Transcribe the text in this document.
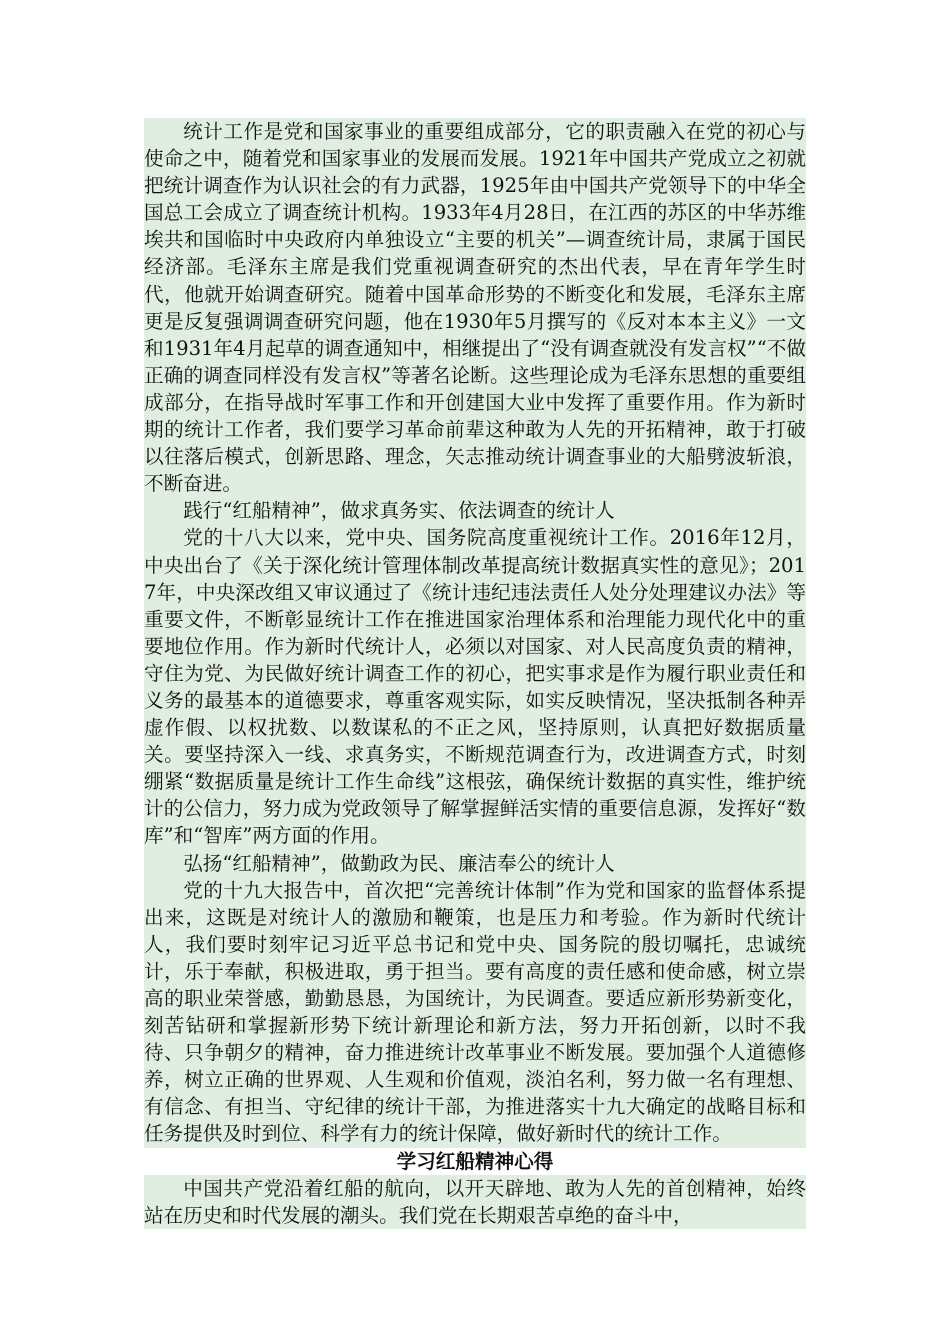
统计工作是党和国家事业的重要组成部分，它的职责融入在党的初心与使命之中，随着党和国家事业的发展而发展。1921年中国共产党成立之初就把统计调查作为认识社会的有力武器，1925年由中国共产党领导下的中华全国总工会成立了调查统计机构。1933年4月28日，在江西的苏区的中华苏维埃共和国临时中央政府内单独设立“主要的机关”—调查统计局，隶属于国民经济部。毛泽东主席是我们党重视调查研究的杰出代表，早在青年学生时代，他就开始调查研究。随着中国革命形势的不断变化和发展，毛泽东主席更是反复强调调查研究问题，他在1930年5月撰写的《反对本本主义》一文和1931年4月起草的调查通知中，相继提出了“没有调查就没有发言权”“不做正确的调查同样没有发言权”等著名论断。这些理论成为毛泽东思想的重要组成部分，在指导战时军事工作和开创建国大业中发挥了重要作用。作为新时期的统计工作者，我们要学习革命前辈这种敢为人先的开拓精神，敢于打破以往落后模式，创新思路、理念，矢志推动统计调查事业的大船劈波斩浪，不断奋进。

践行“红船精神”，做求真务实、依法调查的统计人

党的十八大以来，党中央、国务院高度重视统计工作。2016年12月，中央出台了《关于深化统计管理体制改革提高统计数据真实性的意见》；2017年，中央深改组又审议通过了《统计违纪违法责任人处分处理建议办法》等重要文件，不断彰显统计工作在推进国家治理体系和治理能力现代化中的重要地位作用。作为新时代统计人，必须以对国家、对人民高度负责的精神，守住为党、为民做好统计调查工作的初心，把实事求是作为履行职业责任和义务的最基本的道德要求，尊重客观实际，如实反映情况，坚决抵制各种弄虚作假、以权扰数、以数谋私的不正之风，坚持原则，认真把好数据质量关。要坚持深入一线、求真务实，不断规范调查行为，改进调查方式，时刻绷紧“数据质量是统计工作生命线”这根弦，确保统计数据的真实性，维护统计的公信力，努力成为党政领导了解掌握鲜活实情的重要信息源，发挥好“数库”和“智库”两方面的作用。

弘扬“红船精神”，做勤政为民、廉洁奉公的统计人

党的十九大报告中，首次把“完善统计体制”作为党和国家的监督体系提出来，这既是对统计人的激励和鞭策，也是压力和考验。作为新时代统计人，我们要时刻牢记习近平总书记和党中央、国务院的殷切嘱托，忠诚统计，乐于奉献，积极进取，勇于担当。要有高度的责任感和使命感，树立崇高的职业荣誉感，勤勤恳恳，为国统计，为民调查。要适应新形势新变化，刻苦钻研和掌握新形势下统计新理论和新方法，努力开拓创新，以时不我待、只争朝夕的精神，奋力推进统计改革事业不断发展。要加强个人道德修养，树立正确的世界观、人生观和价值观，淡泊名利，努力做一名有理想、有信念、有担当、守纪律的统计干部，为推进落实十九大确定的战略目标和任务提供及时到位、科学有力的统计保障，做好新时代的统计工作。

学习红船精神心得

中国共产党沿着红船的航向，以开天辟地、敢为人先的首创精神，始终站在历史和时代发展的潮头。我们党在长期艰苦卓绝的奋斗中，
